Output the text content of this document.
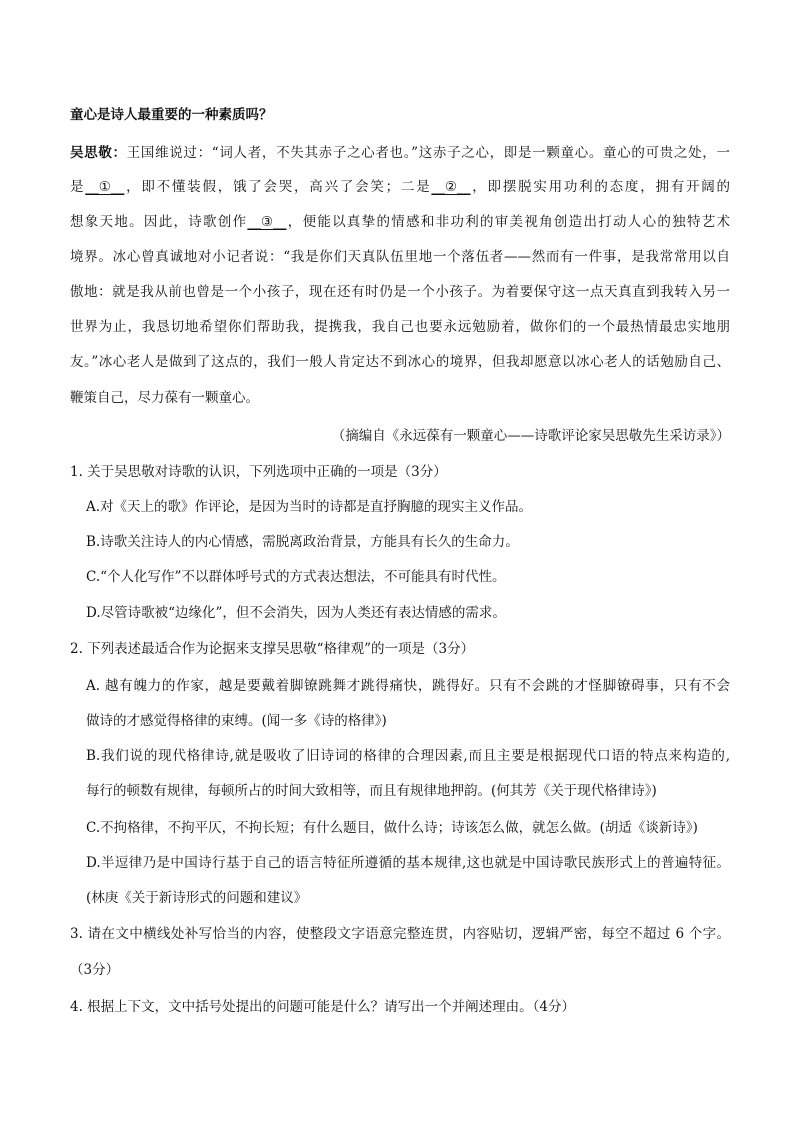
童心是诗人最重要的一种素质吗？
吴思敬：王国维说过：“词人者，不失其赤子之心者也。”这赤子之心，即是一颗童心。童心的可贵之处，一
是__①__，即不懂装假，饿了会哭，高兴了会笑；二是__②__，即摆脱实用功利的态度，拥有开阔的
想象天地。因此，诗歌创作__③__，便能以真挚的情感和非功利的审美视角创造出打动人心的独特艺术
境界。冰心曾真诚地对小记者说：“我是你们天真队伍里地一个落伍者——然而有一件事，是我常常用以自
傲地：就是我从前也曾是一个小孩子，现在还有时仍是一个小孩子。为着要保守这一点天真直到我转入另一
世界为止，我恳切地希望你们帮助我，提携我，我自己也要永远勉励着，做你们的一个最热情最忠实地朋
友。”冰心老人是做到了这点的，我们一般人肯定达不到冰心的境界，但我却愿意以冰心老人的话勉励自己、
鞭策自己，尽力葆有一颗童心。
（摘编自《永远葆有一颗童心——诗歌评论家吴思敬先生采访录》）
1. 关于吴思敬对诗歌的认识，下列选项中正确的一项是（3分）
A.对《天上的歌》作评论，是因为当时的诗都是直抒胸臆的现实主义作品。
B.诗歌关注诗人的内心情感，需脱离政治背景，方能具有长久的生命力。
C.“个人化写作”不以群体呼号式的方式表达想法，不可能具有时代性。
D.尽管诗歌被“边缘化”，但不会消失，因为人类还有表达情感的需求。
2. 下列表述最适合作为论据来支撑吴思敬“格律观”的一项是（3分）
A. 越有魄力的作家，越是要戴着脚镣跳舞才跳得痛快，跳得好。只有不会跳的才怪脚镣碍事，只有不会
做诗的才感觉得格律的束缚。(闻一多《诗的格律》)
B.我们说的现代格律诗,就是吸收了旧诗词的格律的合理因素,而且主要是根据现代口语的特点来构造的,
每行的顿数有规律，每顿所占的时间大致相等，而且有规律地押韵。(何其芳《关于现代格律诗》)
C.不拘格律，不拘平仄，不拘长短；有什么题目，做什么诗；诗该怎么做，就怎么做。(胡适《谈新诗》)
D.半逗律乃是中国诗行基于自己的语言特征所遵循的基本规律,这也就是中国诗歌民族形式上的普遍特征。
(林庚《关于新诗形式的问题和建议》
3. 请在文中横线处补写恰当的内容，使整段文字语意完整连贯，内容贴切，逻辑严密，每空不超过 6 个字。
（3分）
4. 根据上下文，文中括号处提出的问题可能是什么？请写出一个并阐述理由。（4分）
